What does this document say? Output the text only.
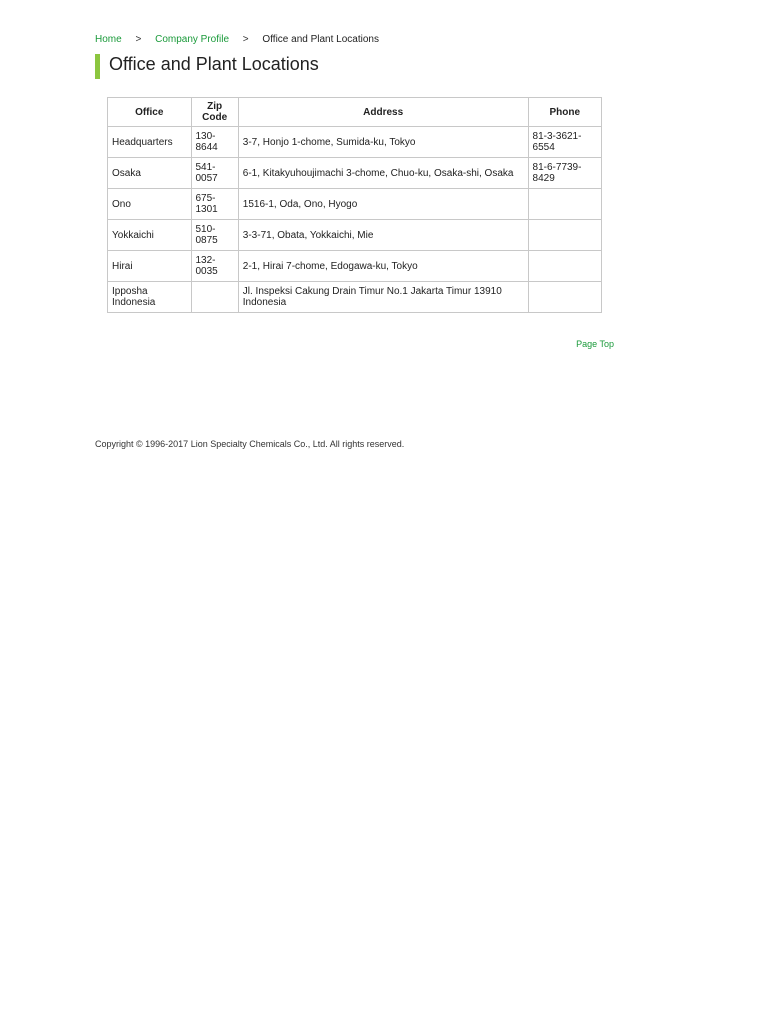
Home > Company Profile > Office and Plant Locations
Office and Plant Locations
Office	Zip Code	Address	Phone
Headquarters	130-8644	3-7, Honjo 1-chome, Sumida-ku, Tokyo	81-3-3621-6554
Osaka	541-0057	6-1, Kitakyuhoujimachi 3-chome, Chuo-ku, Osaka-shi, Osaka	81-6-7739-8429
Ono	675-1301	1516-1, Oda, Ono, Hyogo	
Yokkaichi	510-0875	3-3-71, Obata, Yokkaichi, Mie	
Hirai	132-0035	2-1, Hirai 7-chome, Edogawa-ku, Tokyo	
Ipposha Indonesia		Jl. Inspeksi Cakung Drain Timur No.1 Jakarta Timur 13910 Indonesia	
Page Top
Copyright © 1996-2017 Lion Specialty Chemicals Co., Ltd. All rights reserved.
